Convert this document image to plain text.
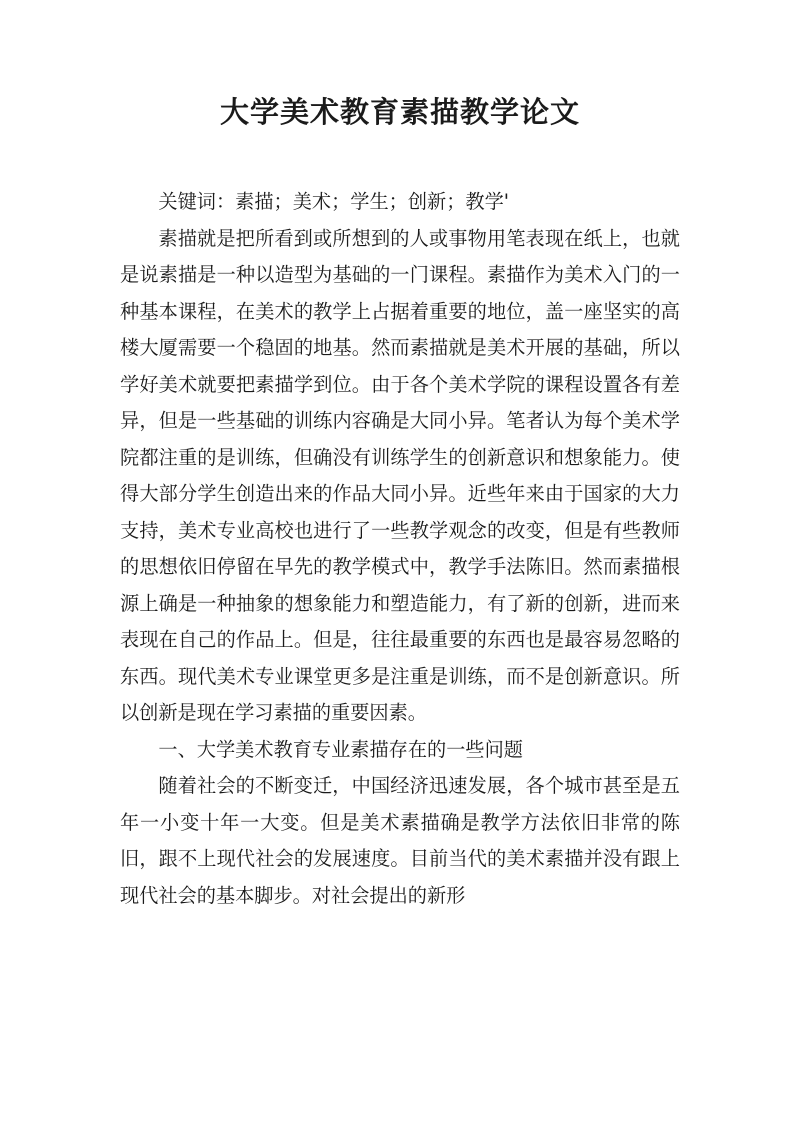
大学美术教育素描教学论文

关键词：素描；美术；学生；创新；教学'

素描就是把所看到或所想到的人或事物用笔表现在纸上，也就是说素描是一种以造型为基础的一门课程。素描作为美术入门的一种基本课程，在美术的教学上占据着重要的地位，盖一座坚实的高楼大厦需要一个稳固的地基。然而素描就是美术开展的基础，所以学好美术就要把素描学到位。由于各个美术学院的课程设置各有差异，但是一些基础的训练内容确是大同小异。笔者认为每个美术学院都注重的是训练，但确没有训练学生的创新意识和想象能力。使得大部分学生创造出来的作品大同小异。近些年来由于国家的大力支持，美术专业高校也进行了一些教学观念的改变，但是有些教师的思想依旧停留在早先的教学模式中，教学手法陈旧。然而素描根源上确是一种抽象的想象能力和塑造能力，有了新的创新，进而来表现在自己的作品上。但是，往往最重要的东西也是最容易忽略的东西。现代美术专业课堂更多是注重是训练，而不是创新意识。所以创新是现在学习素描的重要因素。

一、大学美术教育专业素描存在的一些问题

随着社会的不断变迁，中国经济迅速发展，各个城市甚至是五年一小变十年一大变。但是美术素描确是教学方法依旧非常的陈旧，跟不上现代社会的发展速度。目前当代的美术素描并没有跟上现代社会的基本脚步。对社会提出的新形
